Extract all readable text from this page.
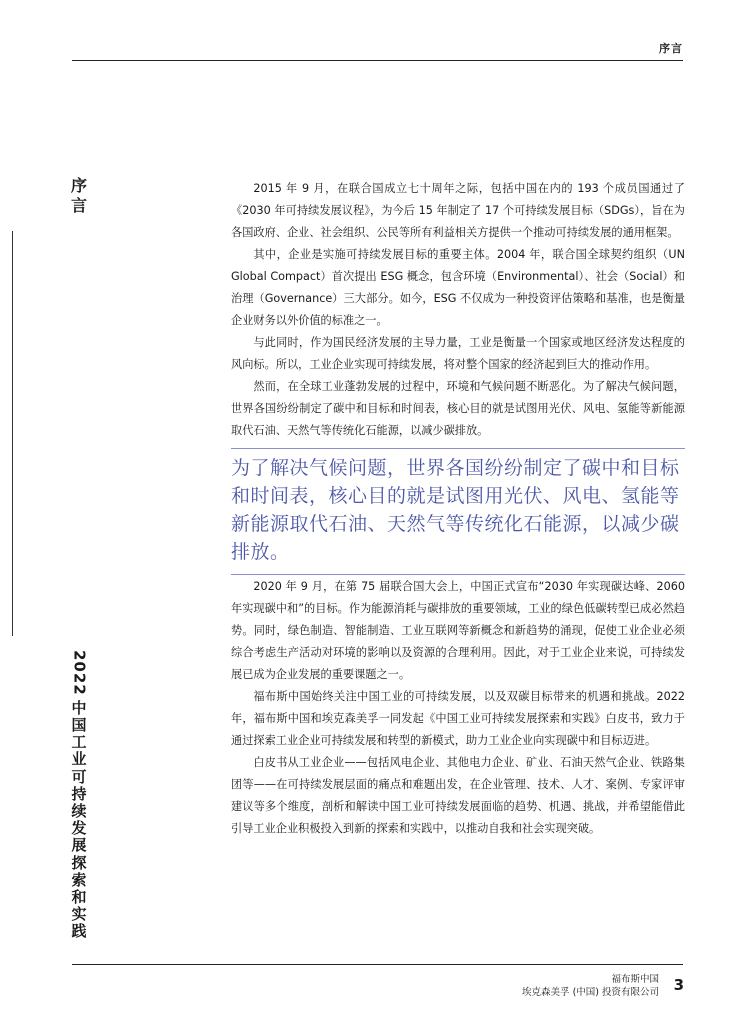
序言
序
言
2022
中
国
工
业
可
持
续
发
展
探
索
和
实
践

2015 年 9 月，在联合国成立七十周年之际，包括中国在内的 193 个成员国通过了《2030 年可持续发展议程》，为今后 15 年制定了 17 个可持续发展目标（SDGs），旨在为各国政府、企业、社会组织、公民等所有利益相关方提供一个推动可持续发展的通用框架。

其中，企业是实施可持续发展目标的重要主体。2004 年，联合国全球契约组织（UN Global Compact）首次提出 ESG 概念，包含环境（Environmental）、社会（Social）和治理（Governance）三大部分。如今，ESG 不仅成为一种投资评估策略和基准，也是衡量企业财务以外价值的标准之一。

与此同时，作为国民经济发展的主导力量，工业是衡量一个国家或地区经济发达程度的风向标。所以，工业企业实现可持续发展，将对整个国家的经济起到巨大的推动作用。

然而，在全球工业蓬勃发展的过程中，环境和气候问题不断恶化。为了解决气候问题，世界各国纷纷制定了碳中和目标和时间表，核心目的就是试图用光伏、风电、氢能等新能源取代石油、天然气等传统化石能源，以减少碳排放。

为了解决气候问题，世界各国纷纷制定了碳中和目标和时间表，核心目的就是试图用光伏、风电、氢能等新能源取代石油、天然气等传统化石能源，以减少碳排放。

2020 年 9 月，在第 75 届联合国大会上，中国正式宣布“2030 年实现碳达峰、2060 年实现碳中和”的目标。作为能源消耗与碳排放的重要领域，工业的绿色低碳转型已成必然趋势。同时，绿色制造、智能制造、工业互联网等新概念和新趋势的涌现，促使工业企业必须综合考虑生产活动对环境的影响以及资源的合理利用。因此，对于工业企业来说，可持续发展已成为企业发展的重要课题之一。

福布斯中国始终关注中国工业的可持续发展，以及双碳目标带来的机遇和挑战。2022 年，福布斯中国和埃克森美孚一同发起《中国工业可持续发展探索和实践》白皮书，致力于通过探索工业企业可持续发展和转型的新模式，助力工业企业向实现碳中和目标迈进。

白皮书从工业企业——包括风电企业、其他电力企业、矿业、石油天然气企业、铁路集团等——在可持续发展层面的痛点和难题出发，在企业管理、技术、人才、案例、专家评审建议等多个维度，剖析和解读中国工业可持续发展面临的趋势、机遇、挑战，并希望能借此引导工业企业积极投入到新的探索和实践中，以推动自我和社会实现突破。

福布斯中国
埃克森美孚 (中国) 投资有限公司 3
